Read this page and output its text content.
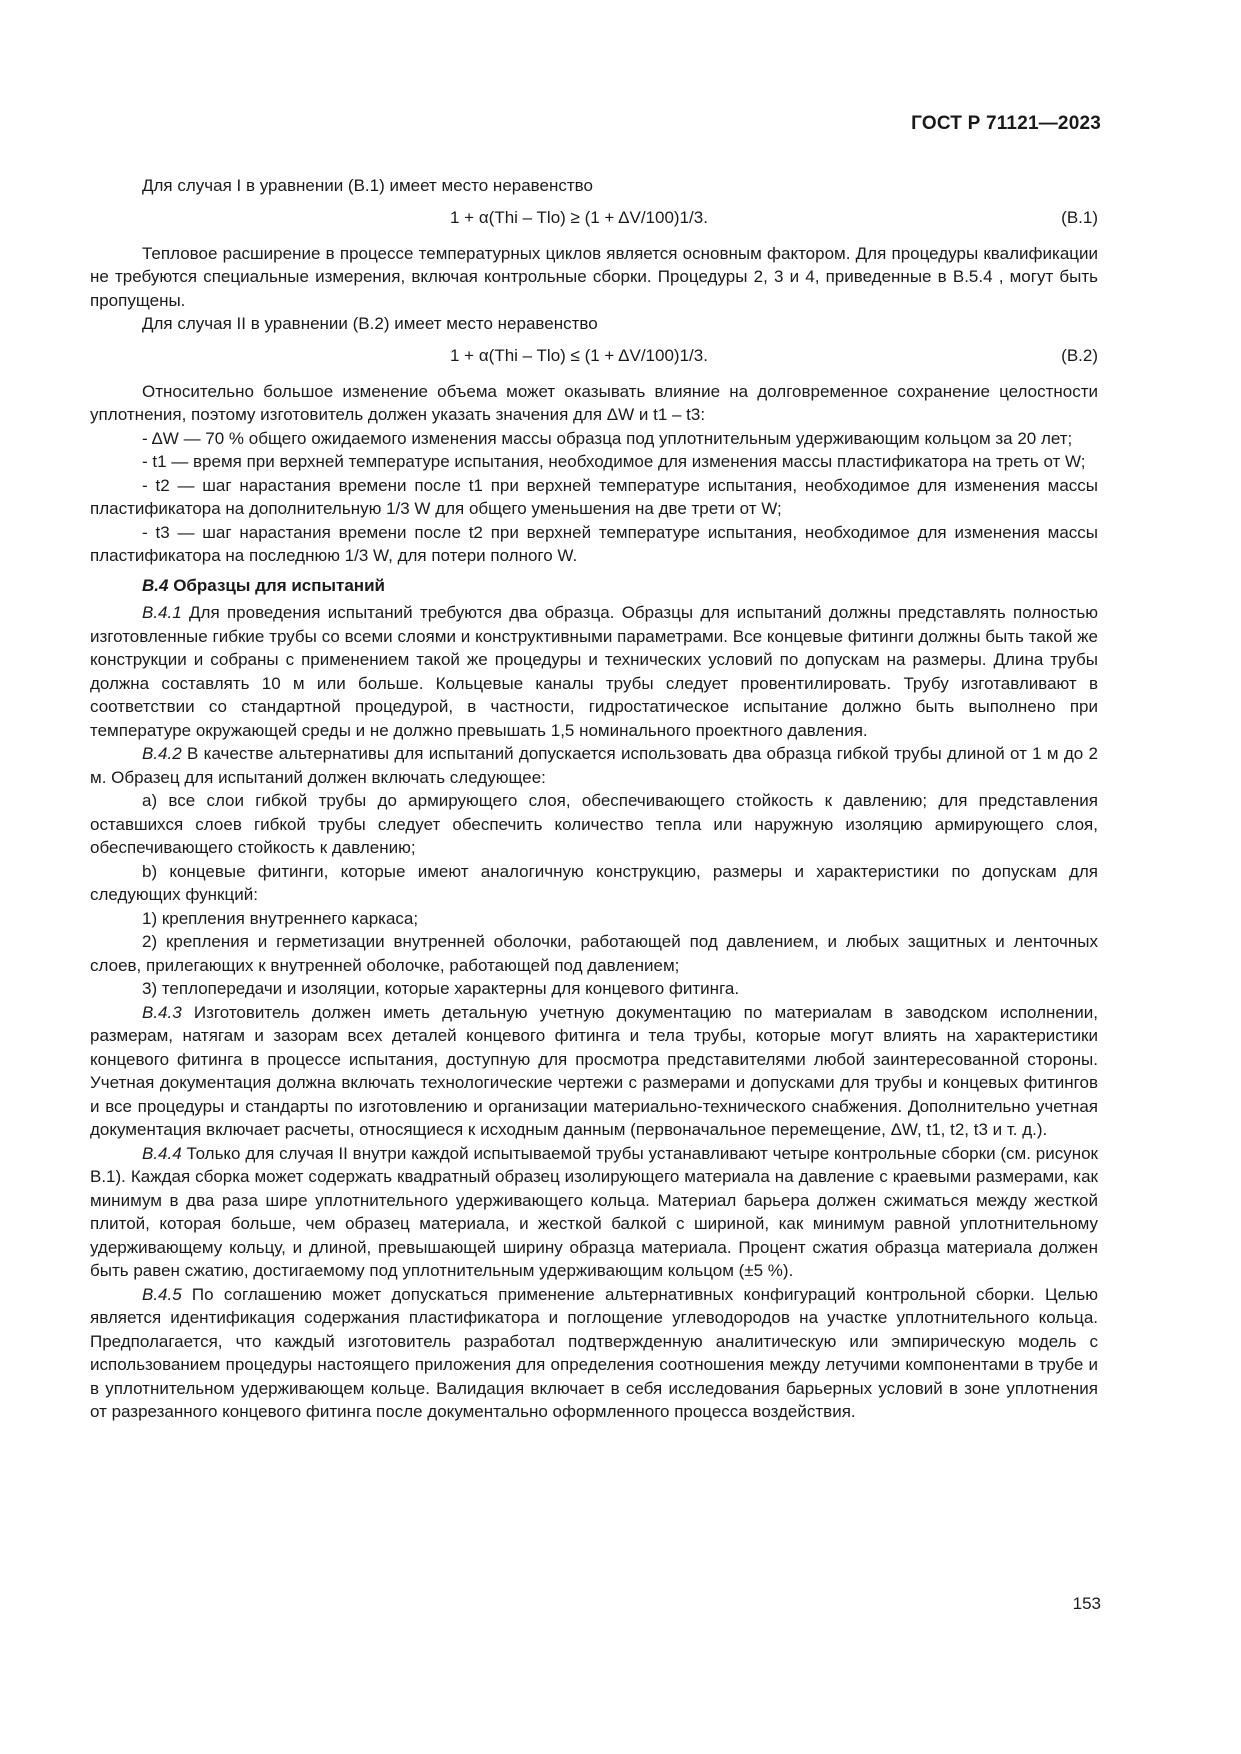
ГОСТ Р 71121—2023

Для случая I в уравнении (В.1) имеет место неравенство

1 + α(Thi – Tlo) ≥ (1 + ΔV/100)1/3.	(В.1)

Тепловое расширение в процессе температурных циклов является основным фактором. Для процедуры квалификации не требуются специальные измерения, включая контрольные сборки. Процедуры 2, 3 и 4, приведенные в В.5.4 , могут быть пропущены.

Для случая II в уравнении (В.2) имеет место неравенство

1 + α(Thi – Tlo) ≤ (1 + ΔV/100)1/3.	(В.2)

Относительно большое изменение объема может оказывать влияние на долговременное сохранение целостности уплотнения, поэтому изготовитель должен указать значения для ΔW и t1 – t3:

- ΔW — 70 % общего ожидаемого изменения массы образца под уплотнительным удерживающим кольцом за 20 лет;

- t1 — время при верхней температуре испытания, необходимое для изменения массы пластификатора на треть от W;

- t2 — шаг нарастания времени после t1 при верхней температуре испытания, необходимое для изменения массы пластификатора на дополнительную 1/3 W для общего уменьшения на две трети от W;

- t3 — шаг нарастания времени после t2 при верхней температуре испытания, необходимое для изменения массы пластификатора на последнюю 1/3 W, для потери полного W.

В.4 Образцы для испытаний

В.4.1 Для проведения испытаний требуются два образца. Образцы для испытаний должны представлять полностью изготовленные гибкие трубы со всеми слоями и конструктивными параметрами. Все концевые фитинги должны быть такой же конструкции и собраны с применением такой же процедуры и технических условий по допускам на размеры. Длина трубы должна составлять 10 м или больше. Кольцевые каналы трубы следует провентилировать. Трубу изготавливают в соответствии со стандартной процедурой, в частности, гидростатическое испытание должно быть выполнено при температуре окружающей среды и не должно превышать 1,5 номинального проектного давления.

В.4.2 В качестве альтернативы для испытаний допускается использовать два образца гибкой трубы длиной от 1 м до 2 м. Образец для испытаний должен включать следующее:

а) все слои гибкой трубы до армирующего слоя, обеспечивающего стойкость к давлению; для представления оставшихся слоев гибкой трубы следует обеспечить количество тепла или наружную изоляцию армирующего слоя, обеспечивающего стойкость к давлению;

b) концевые фитинги, которые имеют аналогичную конструкцию, размеры и характеристики по допускам для следующих функций:

1) крепления внутреннего каркаса;

2) крепления и герметизации внутренней оболочки, работающей под давлением, и любых защитных и ленточных слоев, прилегающих к внутренней оболочке, работающей под давлением;

3) теплопередачи и изоляции, которые характерны для концевого фитинга.

В.4.3 Изготовитель должен иметь детальную учетную документацию по материалам в заводском исполнении, размерам, натягам и зазорам всех деталей концевого фитинга и тела трубы, которые могут влиять на характеристики концевого фитинга в процессе испытания, доступную для просмотра представителями любой заинтересованной стороны. Учетная документация должна включать технологические чертежи с размерами и допусками для трубы и концевых фитингов и все процедуры и стандарты по изготовлению и организации материально-технического снабжения. Дополнительно учетная документация включает расчеты, относящиеся к исходным данным (первоначальное перемещение, ΔW, t1, t2, t3 и т. д.).

В.4.4 Только для случая II внутри каждой испытываемой трубы устанавливают четыре контрольные сборки (см. рисунок В.1). Каждая сборка может содержать квадратный образец изолирующего материала на давление с краевыми размерами, как минимум в два раза шире уплотнительного удерживающего кольца. Материал барьера должен сжиматься между жесткой плитой, которая больше, чем образец материала, и жесткой балкой с шириной, как минимум равной уплотнительному удерживающему кольцу, и длиной, превышающей ширину образца материала. Процент сжатия образца материала должен быть равен сжатию, достигаемому под уплотнительным удерживающим кольцом (±5 %).

В.4.5 По соглашению может допускаться применение альтернативных конфигураций контрольной сборки. Целью является идентификация содержания пластификатора и поглощение углеводородов на участке уплотнительного кольца. Предполагается, что каждый изготовитель разработал подтвержденную аналитическую или эмпирическую модель с использованием процедуры настоящего приложения для определения соотношения между летучими компонентами в трубе и в уплотнительном удерживающем кольце. Валидация включает в себя исследования барьерных условий в зоне уплотнения от разрезанного концевого фитинга после документально оформленного процесса воздействия.

153
